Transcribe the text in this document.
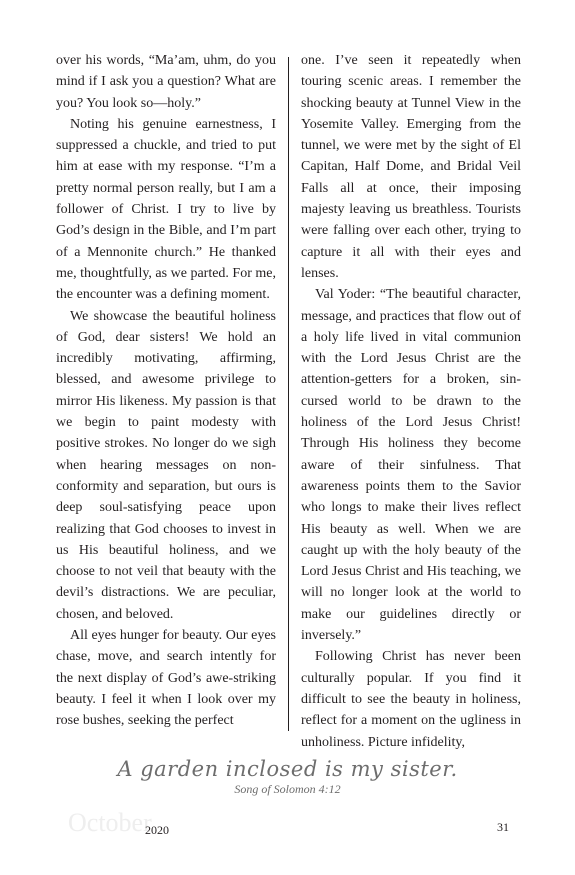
over his words, “Ma’am, uhm, do you mind if I ask you a question? What are you? You look so—holy.”

Noting his genuine earnestness, I suppressed a chuckle, and tried to put him at ease with my response. “I’m a pretty normal person really, but I am a follower of Christ. I try to live by God’s design in the Bible, and I’m part of a Mennonite church.” He thanked me, thoughtfully, as we parted. For me, the encounter was a defining moment.

We showcase the beautiful holiness of God, dear sisters! We hold an incredibly motivating, affirming, blessed, and awesome privilege to mirror His likeness. My passion is that we begin to paint modesty with positive strokes. No longer do we sigh when hearing messages on non-conformity and separation, but ours is deep soul-satisfying peace upon realizing that God chooses to invest in us His beautiful holiness, and we choose to not veil that beauty with the devil’s distractions. We are peculiar, chosen, and beloved.

All eyes hunger for beauty. Our eyes chase, move, and search intently for the next display of God’s awe-striking beauty. I feel it when I look over my rose bushes, seeking the perfect

one. I’ve seen it repeatedly when touring scenic areas. I remember the shocking beauty at Tunnel View in the Yosemite Valley. Emerging from the tunnel, we were met by the sight of El Capitan, Half Dome, and Bridal Veil Falls all at once, their imposing majesty leaving us breathless. Tourists were falling over each other, trying to capture it all with their eyes and lenses.

Val Yoder: “The beautiful character, message, and practices that flow out of a holy life lived in vital communion with the Lord Jesus Christ are the attention-getters for a broken, sin-cursed world to be drawn to the holiness of the Lord Jesus Christ! Through His holiness they become aware of their sinfulness. That awareness points them to the Savior who longs to make their lives reflect His beauty as well. When we are caught up with the holy beauty of the Lord Jesus Christ and His teaching, we will no longer look at the world to make our guidelines directly or inversely.”

Following Christ has never been culturally popular. If you find it difficult to see the beauty in holiness, reflect for a moment on the ugliness in unholiness. Picture infidelity,

A garden inclosed is my sister.
Song of Solomon 4:12
October
2020	31
